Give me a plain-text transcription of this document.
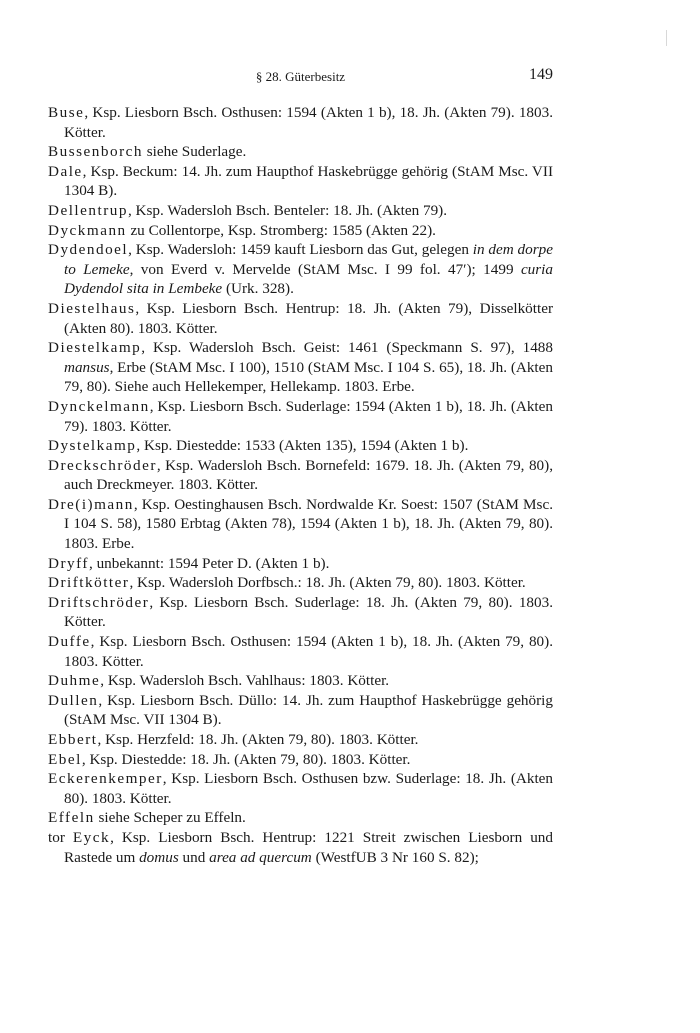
§ 28. Güterbesitz	149
Buse, Ksp. Liesborn Bsch. Osthusen: 1594 (Akten 1 b), 18. Jh. (Akten 79). 1803. Kötter.
Bussenborch siehe Suderlage.
Dale, Ksp. Beckum: 14. Jh. zum Haupthof Haskebrügge gehörig (StAM Msc. VII 1304 B).
Dellentrup, Ksp. Wadersloh Bsch. Benteler: 18. Jh. (Akten 79).
Dyckmann zu Collentorpe, Ksp. Stromberg: 1585 (Akten 22).
Dydendoel, Ksp. Wadersloh: 1459 kauft Liesborn das Gut, gelegen in dem dorpe to Lemeke, von Everd v. Mervelde (StAM Msc. I 99 fol. 47′); 1499 curia Dydendol sita in Lembeke (Urk. 328).
Diestelhaus, Ksp. Liesborn Bsch. Hentrup: 18. Jh. (Akten 79), Disselkötter (Akten 80). 1803. Kötter.
Diestelkamp, Ksp. Wadersloh Bsch. Geist: 1461 (Speckmann S. 97), 1488 mansus, Erbe (StAM Msc. I 100), 1510 (StAM Msc. I 104 S. 65), 18. Jh. (Akten 79, 80). Siehe auch Hellekemper, Hellekamp. 1803. Erbe.
Dynckelmann, Ksp. Liesborn Bsch. Suderlage: 1594 (Akten 1 b), 18. Jh. (Akten 79). 1803. Kötter.
Dystelkamp, Ksp. Diestedde: 1533 (Akten 135), 1594 (Akten 1 b).
Dreckschröder, Ksp. Wadersloh Bsch. Bornefeld: 1679. 18. Jh. (Akten 79, 80), auch Dreckmeyer. 1803. Kötter.
Dre(i)mann, Ksp. Oestinghausen Bsch. Nordwalde Kr. Soest: 1507 (StAM Msc. I 104 S. 58), 1580 Erbtag (Akten 78), 1594 (Akten 1 b), 18. Jh. (Akten 79, 80). 1803. Erbe.
Dryff, unbekannt: 1594 Peter D. (Akten 1 b).
Driftkötter, Ksp. Wadersloh Dorfbsch.: 18. Jh. (Akten 79, 80). 1803. Kötter.
Driftschröder, Ksp. Liesborn Bsch. Suderlage: 18. Jh. (Akten 79, 80). 1803. Kötter.
Duffe, Ksp. Liesborn Bsch. Osthusen: 1594 (Akten 1 b), 18. Jh. (Akten 79, 80). 1803. Kötter.
Duhme, Ksp. Wadersloh Bsch. Vahlhaus: 1803. Kötter.
Dullen, Ksp. Liesborn Bsch. Düllo: 14. Jh. zum Haupthof Haskebrügge gehörig (StAM Msc. VII 1304 B).
Ebbert, Ksp. Herzfeld: 18. Jh. (Akten 79, 80). 1803. Kötter.
Ebel, Ksp. Diestedde: 18. Jh. (Akten 79, 80). 1803. Kötter.
Eckerenkemper, Ksp. Liesborn Bsch. Osthusen bzw. Suderlage: 18. Jh. (Akten 80). 1803. Kötter.
Effeln siehe Scheper zu Effeln.
tor Eyck, Ksp. Liesborn Bsch. Hentrup: 1221 Streit zwischen Liesborn und Rastede um domus und area ad quercum (WestfUB 3 Nr 160 S. 82);
